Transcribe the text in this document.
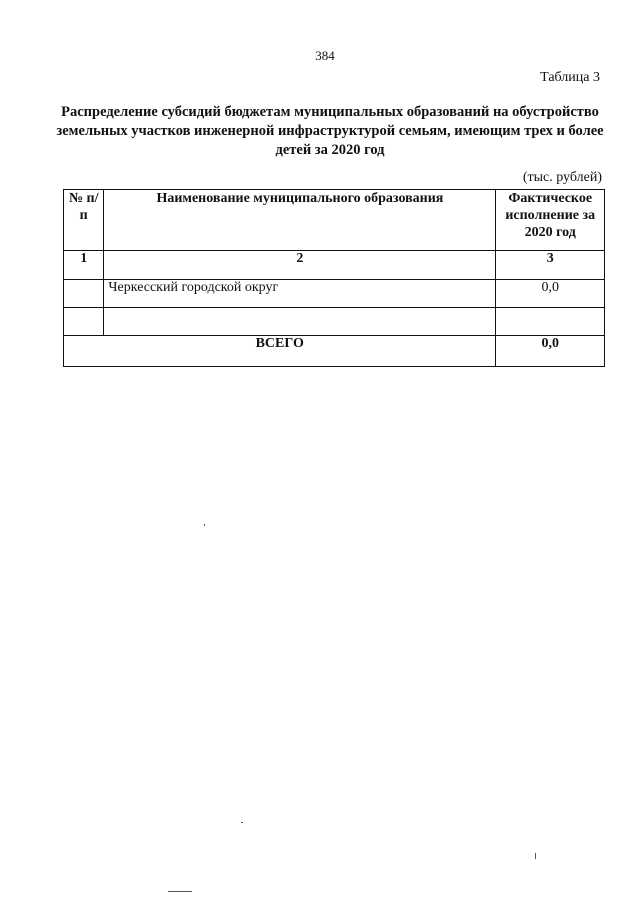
384
Таблица 3
Распределение субсидий бюджетам муниципальных образований на обустройство земельных участков инженерной инфраструктурой семьям, имеющим трех и более детей за 2020 год
(тыс. рублей)
№ п/п	Наименование муниципального образования	Фактическое исполнение за 2020 год
1	2	3
	Черкесский городской округ	0,0

ВСЕГО		0,0
